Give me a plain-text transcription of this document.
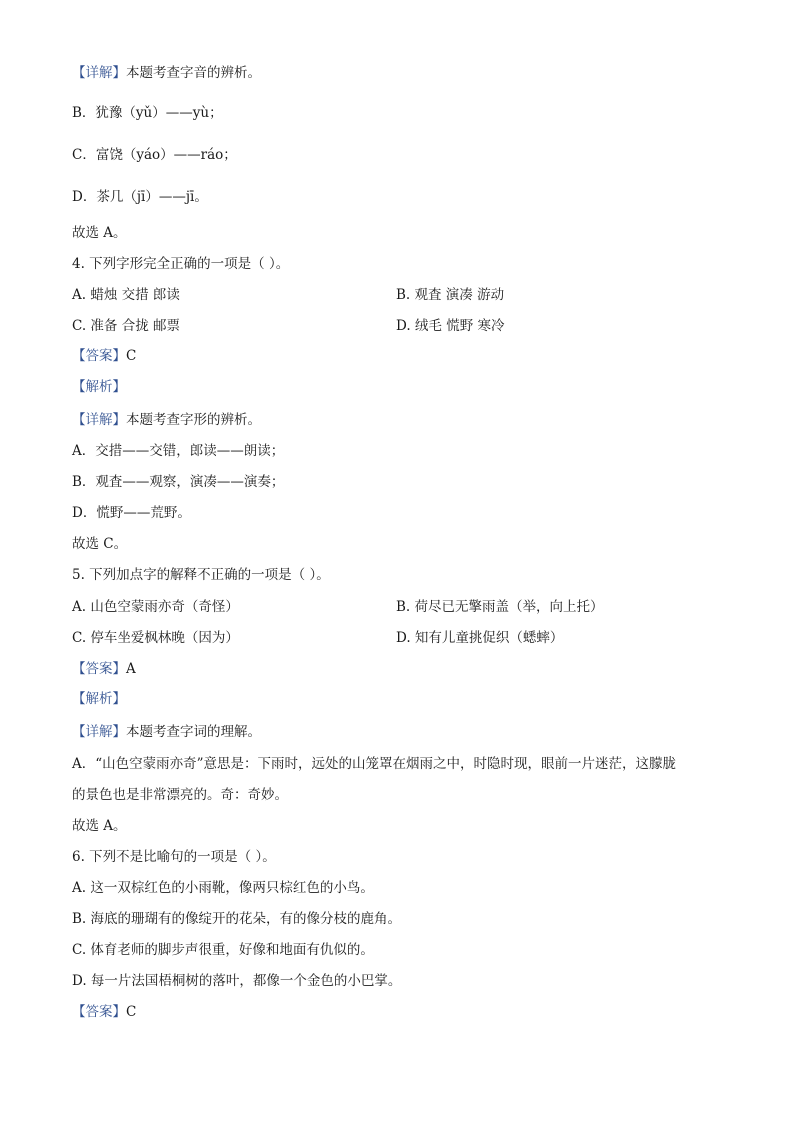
【详解】本题考查字音的辨析。
B．犹豫（yǔ）——yù；
C．富饶（yáo）——ráo；
D．茶几（jī）——jī。
故选 A。
4. 下列字形完全正确的一项是（ ）。
A. 蜡烛 交措 郎读	B. 观査 演凑 游动
C. 准备 合拢 邮票	D. 绒毛 慌野 寒冷
【答案】C
【解析】
【详解】本题考查字形的辨析。
A．交措——交错，郎读——朗读；
B．观査——观察，演凑——演奏；
D．慌野——荒野。
故选 C。
5. 下列加点字的解释不正确的一项是（ ）。
A. 山色空蒙雨亦奇（奇怪）	B. 荷尽已无擎雨盖（举，向上托）
C. 停车坐爱枫林晚（因为）	D. 知有儿童挑促织（蟋蟀）
【答案】A
【解析】
【详解】本题考查字词的理解。
A．“山色空蒙雨亦奇”意思是：下雨时，远处的山笼罩在烟雨之中，时隐时现，眼前一片迷茫，这朦胧
的景色也是非常漂亮的。奇：奇妙。
故选 A。
6. 下列不是比喻句的一项是（ ）。
A. 这一双棕红色的小雨靴，像两只棕红色的小鸟。
B. 海底的珊瑚有的像绽开的花朵，有的像分枝的鹿角。
C. 体育老师的脚步声很重，好像和地面有仇似的。
D. 每一片法国梧桐树的落叶，都像一个金色的小巴掌。
【答案】C
